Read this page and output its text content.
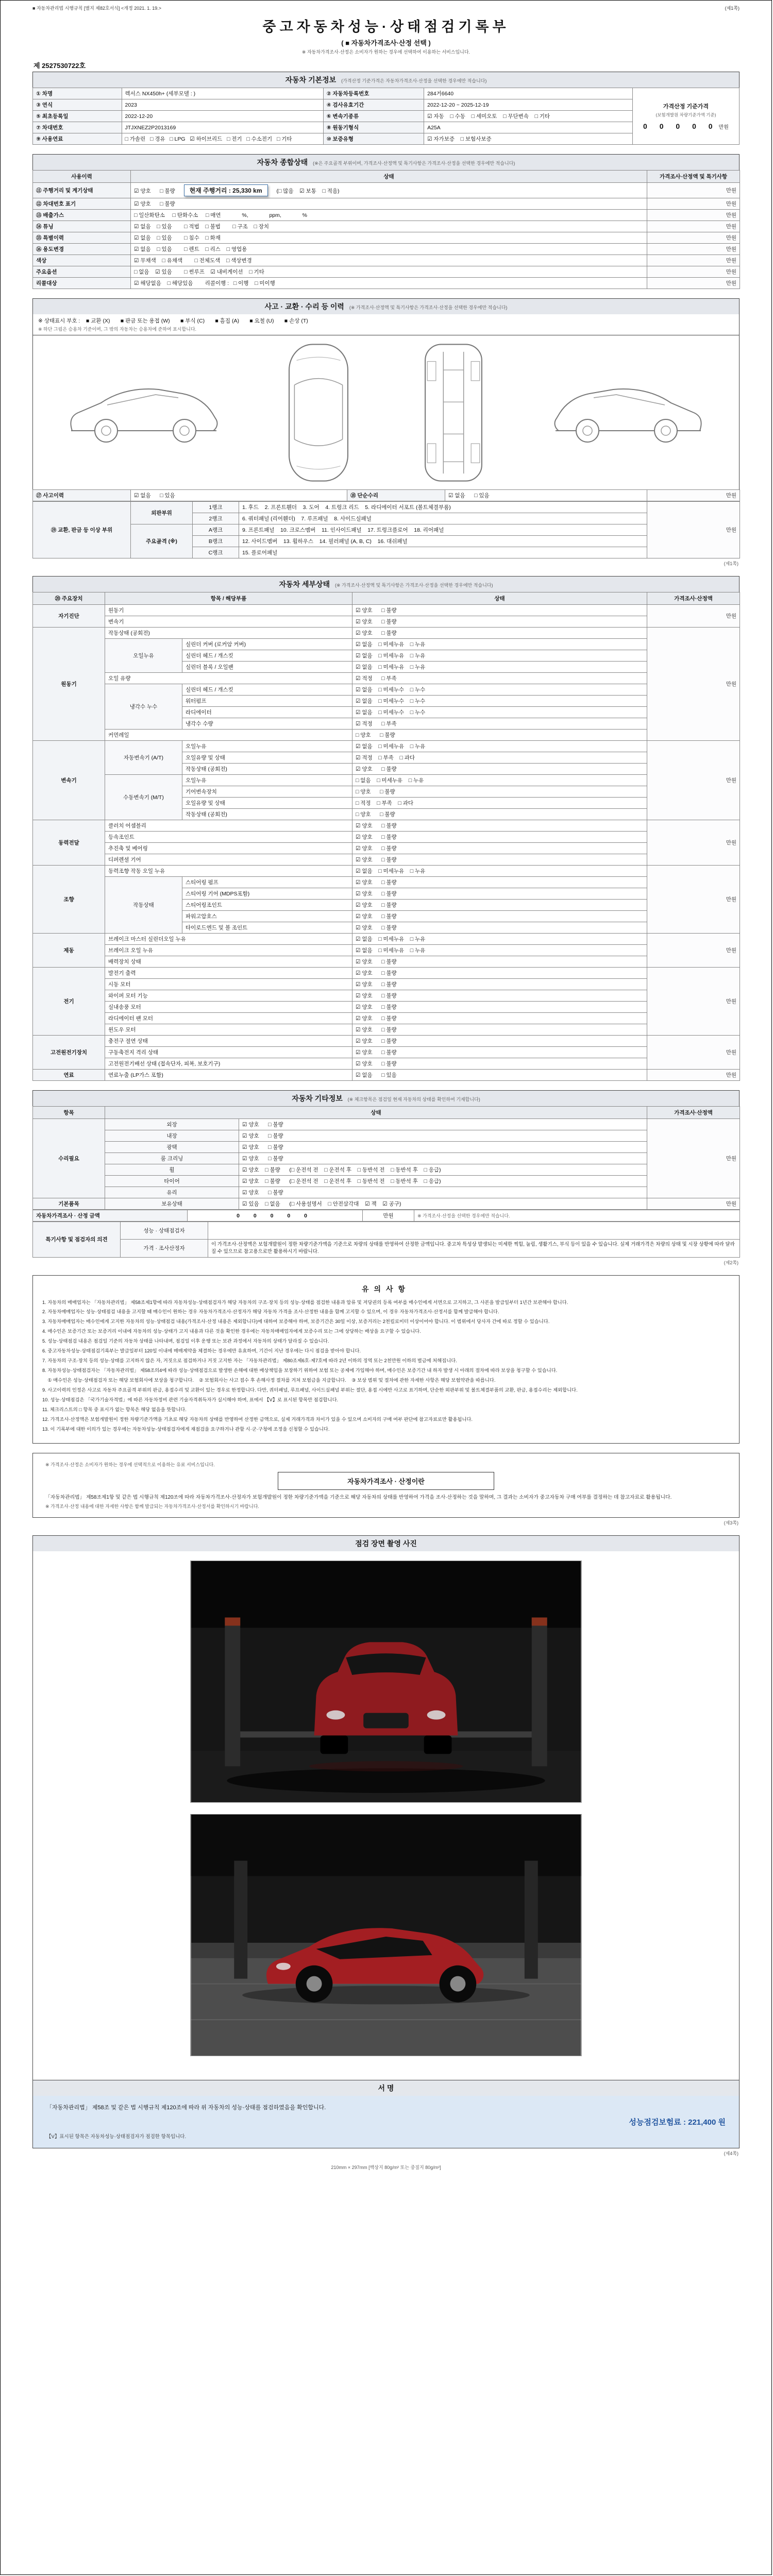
■ 자동차관리법 시행규칙 [별지 제82호서식] <개정 2021. 1. 19.>	(제1쪽)
중고자동차성능·상태점검기록부
( ■ 자동차가격조사·산정 선택 )
※ 자동차가격조사·산정은 소비자가 원하는 경우에 선택하여 이용하는 서비스입니다.
제 2527530722호
자동차 기본정보 (가격산정 기준가격은 자동차가격조사·산정을 선택한 경우에만 적습니다)
① 차명	렉서스 NX450h+ (세부모델 : )	② 자동차등록번호	284거6640	가격산정 기준가격
(보험개발원 차량기준가액 기준)
0 0 0 0 0 만원

③ 연식	2023	④ 검사유효기간	2022-12-20 ~ 2025-12-19	
⑤ 최초등록일	2022-12-20	⑥ 변속기종류	☑ 자동    □ 수동    □ 세미오토    □ 무단변속    □ 기타	
⑦ 차대번호	JTJXNEZ2P2013169	⑧ 원동기형식	A25A	
⑨ 사용연료	□ 가솔린   □ 경유   □ LPG   ☑ 하이브리드   □ 전기   □ 수소전기   □ 기타	⑩ 보증유형	☑ 자가보증    □ 보험사보증	
자동차 종합상태 (※은 주요골격 부위이며, 가격조사·산정액 및 특기사항은 가격조사·산정을 선택한 경우에만 적습니다)
사용이력	상태	가격조사·산정액 및 특기사항
⑪ 주행거리 및 계기상태	☑ 양호      □ 불량 현재 주행거리 : 25,330 km (□ 많음    ☑ 보통    □ 적음)	만원
⑫ 차대번호 표기	☑ 양호      □ 불량	만원
⑬ 배출가스	□ 일산화탄소     □ 탄화수소     □ 매연              %,              ppm,              %	만원
⑭ 튜닝	☑ 없음    □ 있음        □ 적법    □ 불법        □ 구조    □ 장치	만원
⑮ 특별이력	☑ 없음    □ 있음        □ 침수    □ 화재	만원
⑯ 용도변경	☑ 없음    □ 있음        □ 렌트    □ 리스    □ 영업용	만원
색상	☑ 무채색    □ 유채색        □ 전체도색    □ 색상변경	만원
주요옵션	□ 없음    ☑ 있음        □ 썬루프    ☑ 내비게이션    □ 기타	만원
리콜대상	☑ 해당없음    □ 해당있음        리콜이행 :   □ 이행    □ 미이행	만원
사고 · 교환 · 수리 등 이력 (※ 가격조사·산정액 및 특기사항은 가격조사·산정을 선택한 경우에만 적습니다)
※ 상태표시 부호 :    ■ 교환 (X)       ■ 판금 또는 용접 (W)       ■ 부식 (C)       ■ 흠집 (A)       ■ 요철 (U)       ■ 손상 (T)
※ 하단 그림은 승용차 기준이며, 그 밖의 자동차는 승용차에 준하여 표시합니다.
⑰ 사고이력	☑ 없음      □ 있음	⑱ 단순수리	☑ 없음      □ 있음	만원
⑲ 교환, 판금 등 이상 부위	외판부위	1랭크	1. 후드    2. 프론트휀더    3. 도어    4. 트렁크 리드    5. 라디에이터 서포트 (볼트체결부품)	만원
		2랭크	6. 쿼터패널 (리어휀더)    7. 루프패널    8. 사이드실패널	
	주요골격 (※)	A랭크	9. 프론트패널    10. 크로스멤버    11. 인사이드패널    17. 트렁크플로어    18. 리어패널	
		B랭크	12. 사이드멤버    13. 휠하우스    14. 필러패널 (A, B, C)    16. 대쉬패널	
		C랭크	15. 플로어패널	
(제1쪽)
자동차 세부상태 (※ 가격조사·산정액 및 특기사항은 가격조사·산정을 선택한 경우에만 적습니다)
⑳ 주요장치	항목 / 해당부품		상태	가격조사·산정액
자기진단	원동기		☑ 양호      □ 불량	만원
	변속기		☑ 양호      □ 불량	
원동기	작동상태 (공회전)		☑ 양호      □ 불량	만원
	오일누유	실린더 커버 (로커암 커버)	☑ 없음    □ 미세누유    □ 누유	
		실린더 헤드 / 개스킷	☑ 없음    □ 미세누유    □ 누유	
		실린더 블록 / 오일팬	☑ 없음    □ 미세누유    □ 누유	
	오일 유량		☑ 적정      □ 부족	
	냉각수 누수	실린더 헤드 / 개스킷	☑ 없음    □ 미세누수    □ 누수	
		워터펌프	☑ 없음    □ 미세누수    □ 누수	
		라디에이터	☑ 없음    □ 미세누수    □ 누수	
		냉각수 수량	☑ 적정      □ 부족	
	커먼레일		□ 양호      □ 불량	
변속기	자동변속기 (A/T)	오일누유	☑ 없음    □ 미세누유    □ 누유	만원
		오일유량 및 상태	☑ 적정    □ 부족    □ 과다	
		작동상태 (공회전)	☑ 양호      □ 불량	
	수동변속기 (M/T)	오일누유	□ 없음    □ 미세누유    □ 누유	
		기어변속장치	□ 양호      □ 불량	
		오일유량 및 상태	□ 적정    □ 부족    □ 과다	
		작동상태 (공회전)	□ 양호      □ 불량	
동력전달	클러치 어셈블리		☑ 양호      □ 불량	만원
	등속조인트		☑ 양호      □ 불량	
	추진축 및 베어링		☑ 양호      □ 불량	
	디퍼렌셜 기어		☑ 양호      □ 불량	
조향	동력조향 작동 오일 누유		☑ 없음    □ 미세누유    □ 누유	만원
	작동상태	스티어링 펌프	☑ 양호      □ 불량	
		스티어링 기어 (MDPS포함)	☑ 양호      □ 불량	
		스티어링조인트	☑ 양호      □ 불량	
		파워고압호스	☑ 양호      □ 불량	
		타이로드엔드 및 볼 조인트	☑ 양호      □ 불량	
제동	브레이크 마스터 실린더오일 누유		☑ 없음    □ 미세누유    □ 누유	만원
	브레이크 오일 누유		☑ 없음    □ 미세누유    □ 누유	
	배력장치 상태		☑ 양호      □ 불량	
전기	발전기 출력		☑ 양호      □ 불량	만원
	시동 모터		☑ 양호      □ 불량	
	와이퍼 모터 기능		☑ 양호      □ 불량	
	실내송풍 모터		☑ 양호      □ 불량	
	라디에이터 팬 모터		☑ 양호      □ 불량	
	윈도우 모터		☑ 양호      □ 불량	
고전원전기장치	충전구 절연 상태		☑ 양호      □ 불량	만원
	구동축전지 격리 상태		☑ 양호      □ 불량	
	고전원전기배선 상태 (접속단자, 피복, 보호기구)		☑ 양호      □ 불량	
연료	연료누출 (LP가스 포함)		☑ 없음      □ 있음	만원
자동차 기타정보 (※ 체크항목은 점검일 현재 자동차의 상태를 확인하여 기재합니다)
항목	상태		가격조사·산정액
수리필요	외장	☑ 양호      □ 불량	만원
	내장	☑ 양호      □ 불량	
	광택	☑ 양호      □ 불량	
	룸 크리닝	☑ 양호      □ 불량	
	휠	☑ 양호    □ 불량      (□ 운전석 전    □ 운전석 후    □ 동반석 전    □ 동반석 후    □ 응급)	
	타이어	☑ 양호    □ 불량      (□ 운전석 전    □ 운전석 후    □ 동반석 전    □ 동반석 후    □ 응급)	
	유리	☑ 양호      □ 불량	
기본품목	보유상태	☑ 있음    □ 없음      (□ 사용설명서    □ 안전삼각대    ☑ 잭    ☑ 공구)	만원
자동차가격조사 · 산정 금액	0 0 0 0 0	만원	※ 가격조사·산정을 선택한 경우에만 적습니다.
특기사항 및 점검자의 의견	성능 · 상태점검자	
	가격 · 조사산정자	이 가격조사·산정액은 보험개발원이 정한 차량기준가액을 기준으로 차량의 상태를 반영하여 산정한 금액입니다. 중고차 특성상 발생되는 미세한 찍힘, 눌림, 생활기스, 부식 등이 있을 수 있습니다. 실제 거래가격은 차량의 상태 및 시장 상황에 따라 달라질 수 있으므로 참고용으로만 활용하시기 바랍니다.
(제2쪽)
유의사항

1. 자동차의 매매업자는 「자동차관리법」 제58조제1항에 따라 자동차성능·상태점검자가 해당 자동차의 구조·장치 등의 성능·상태를 점검한 내용과 압류 및 저당권의 등록 여부를 매수인에게 서면으로 고지하고, 그 사본을 발급일부터 1년간 보관해야 합니다.

2. 자동차매매업자는 성능·상태점검 내용을 고지할 때 매수인이 원하는 경우 자동차가격조사·산정자가 해당 자동차 가격을 조사·산정한 내용을 함께 고지할 수 있으며, 이 경우 자동차가격조사·산정서를 함께 발급해야 합니다.

3. 자동차매매업자는 매수인에게 고지한 자동차의 성능·상태점검 내용(가격조사·산정 내용은 제외합니다)에 대하여 보증해야 하며, 보증기간은 30일 이상, 보증거리는 2천킬로미터 이상이어야 합니다. 이 범위에서 당사자 간에 따로 정할 수 있습니다.

4. 매수인은 보증기간 또는 보증거리 이내에 자동차의 성능·상태가 고지 내용과 다른 것을 확인한 경우에는 자동차매매업자에게 보증수리 또는 그에 상당하는 배상을 요구할 수 있습니다.

5. 성능·상태점검 내용은 점검일 기준의 자동차 상태를 나타내며, 점검일 이후 운행 또는 보관 과정에서 자동차의 상태가 달라질 수 있습니다.

6. 중고자동차성능·상태점검기록부는 발급일부터 120일 이내에 매매계약을 체결하는 경우에만 유효하며, 기간이 지난 경우에는 다시 점검을 받아야 합니다.

7. 자동차의 구조·장치 등의 성능·상태를 고지하지 않은 자, 거짓으로 점검하거나 거짓 고지한 자는 「자동차관리법」 제80조제6호·제7호에 따라 2년 이하의 징역 또는 2천만원 이하의 벌금에 처해집니다.

8. 자동차성능·상태점검자는 「자동차관리법」 제58조의4에 따라 성능·상태점검으로 발생한 손해에 대한 배상책임을 보장하기 위하여 보험 또는 공제에 가입해야 하며, 매수인은 보증기간 내 하자 발생 시 아래의 절차에 따라 보상을 청구할 수 있습니다.

① 매수인은 성능·상태점검자 또는 해당 보험회사에 보상을 청구합니다.    ② 보험회사는 사고 접수 후 손해사정 절차를 거쳐 보험금을 지급합니다.    ③ 보상 범위 및 절차에 관한 자세한 사항은 해당 보험약관을 따릅니다.

9. 사고이력의 인정은 사고로 자동차 주요골격 부위의 판금, 용접수리 및 교환이 있는 경우로 한정합니다. 다만, 쿼터패널, 루프패널, 사이드실패널 부위는 절단, 용접 시에만 사고로 표기하며, 단순한 외판부위 및 볼트체결부품의 교환, 판금, 용접수리는 제외합니다.

10. 성능·상태점검은 「국가기술자격법」에 따른 자동차정비 관련 기술자격취득자가 실시해야 하며, 표에서 【V】로 표시된 항목만 점검합니다.

11. 체크리스트의 □ 항목 중 표시가 없는 항목은 해당 없음을 뜻합니다.

12. 가격조사·산정액은 보험개발원이 정한 차량기준가액을 기초로 해당 자동차의 상태를 반영하여 산정한 금액으로, 실제 거래가격과 차이가 있을 수 있으며 소비자의 구매 여부 판단에 참고자료로만 활용됩니다.

13. 이 기록부에 대한 이의가 있는 경우에는 자동차성능·상태점검자에게 재점검을 요구하거나 관할 시·군·구청에 조정을 신청할 수 있습니다.

※ 가격조사·산정은 소비자가 원하는 경우에 선택적으로 이용하는 유료 서비스입니다.
자동차가격조사 · 산정이란
「자동차관리법」 제58조제1항 및 같은 법 시행규칙 제120조에 따라 자동차가격조사·산정자가 보험개발원이 정한 차량기준가액을 기준으로 해당 자동차의 상태를 반영하여 가격을 조사·산정하는 것을 말하며, 그 결과는 소비자가 중고자동차 구매 여부를 결정하는 데 참고자료로 활용됩니다.
※ 가격조사·산정 내용에 대한 자세한 사항은 함께 발급되는 자동차가격조사·산정서를 확인하시기 바랍니다.
(제3쪽)
점검 장면 촬영 사진
서 명
「자동차관리법」 제58조 및 같은 법 시행규칙 제120조에 따라 위 자동차의 성능·상태를 점검하였음을 확인합니다.
성능점검보험료 : 221,400 원
【V】표시된 항목은 자동차성능·상태점검자가 점검한 항목입니다.
(제4쪽)
210mm × 297mm [백상지 80g/m² 또는 중질지 80g/m²]
